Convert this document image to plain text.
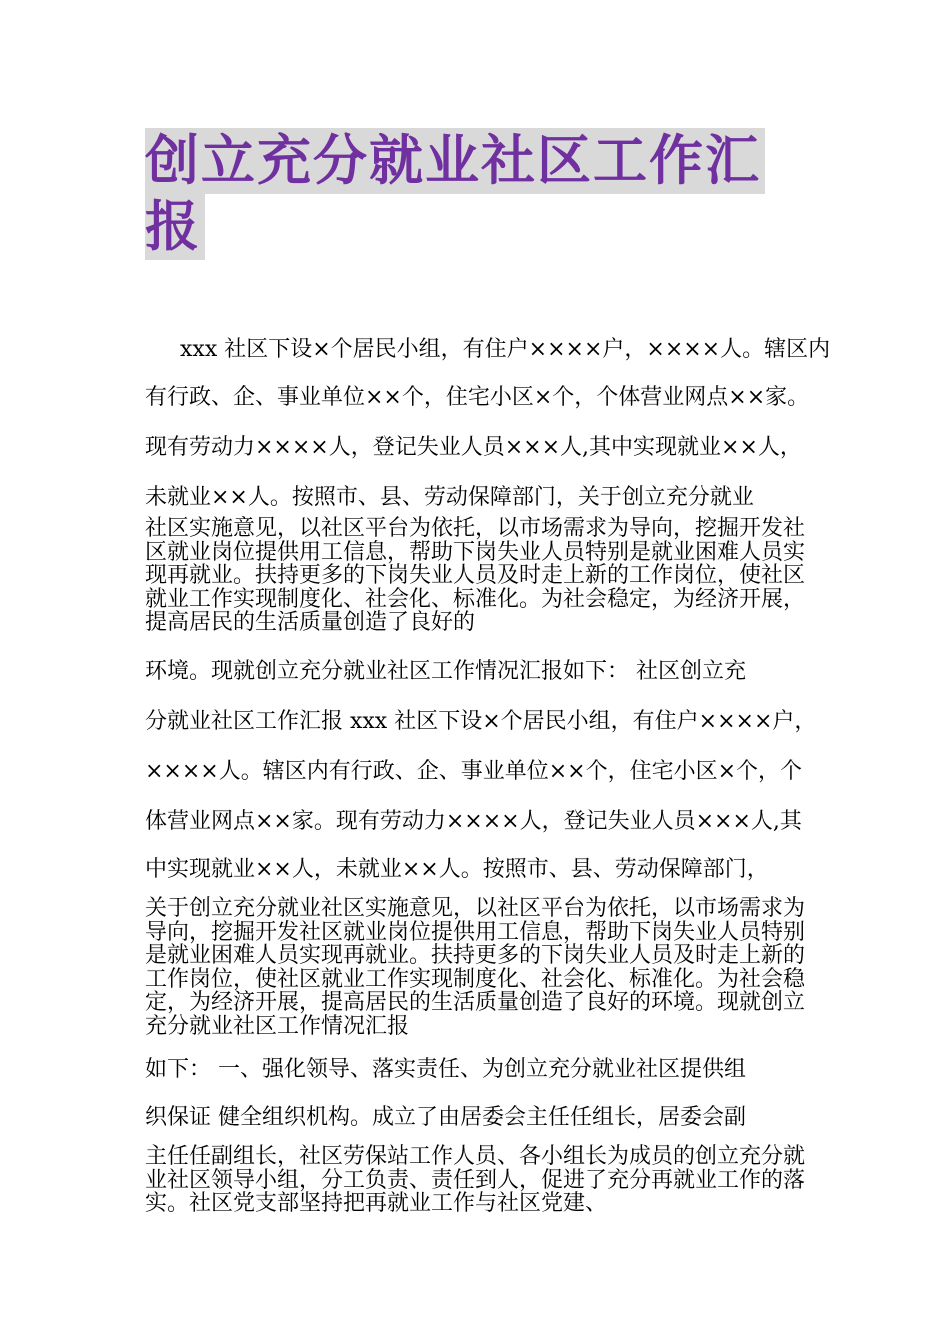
创立充分就业社区工作汇
报
xxx 社区下设×个居民小组，有住户××××户，××××人。辖区内
有行政、企、事业单位××个，住宅小区×个，个体营业网点××家。
现有劳动力××××人，登记失业人员×××人,其中实现就业××人，
未就业××人。按照市、县、劳动保障部门，关于创立充分就业
社区实施意见，以社区平台为依托，以市场需求为导向，挖掘开发社区就业岗位提供用工信息，帮助下岗失业人员特别是就业困难人员实现再就业。扶持更多的下岗失业人员及时走上新的工作岗位，使社区就业工作实现制度化、社会化、标准化。为社会稳定，为经济开展，提高居民的生活质量创造了良好的
环境。现就创立充分就业社区工作情况汇报如下： 社区创立充
分就业社区工作汇报 xxx 社区下设×个居民小组，有住户××××户，
××××人。辖区内有行政、企、事业单位××个，住宅小区×个，个
体营业网点××家。现有劳动力××××人，登记失业人员×××人,其
中实现就业××人，未就业××人。按照市、县、劳动保障部门，
关于创立充分就业社区实施意见，以社区平台为依托，以市场需求为导向，挖掘开发社区就业岗位提供用工信息，帮助下岗失业人员特别是就业困难人员实现再就业。扶持更多的下岗失业人员及时走上新的工作岗位，使社区就业工作实现制度化、社会化、标准化。为社会稳定，为经济开展，提高居民的生活质量创造了良好的环境。现就创立充分就业社区工作情况汇报
如下： 一、强化领导、落实责任、为创立充分就业社区提供组
织保证 健全组织机构。成立了由居委会主任任组长，居委会副
主任任副组长，社区劳保站工作人员、各小组长为成员的创立充分就业社区领导小组，分工负责、责任到人，促进了充分再就业工作的落实。社区党支部坚持把再就业工作与社区党建、
